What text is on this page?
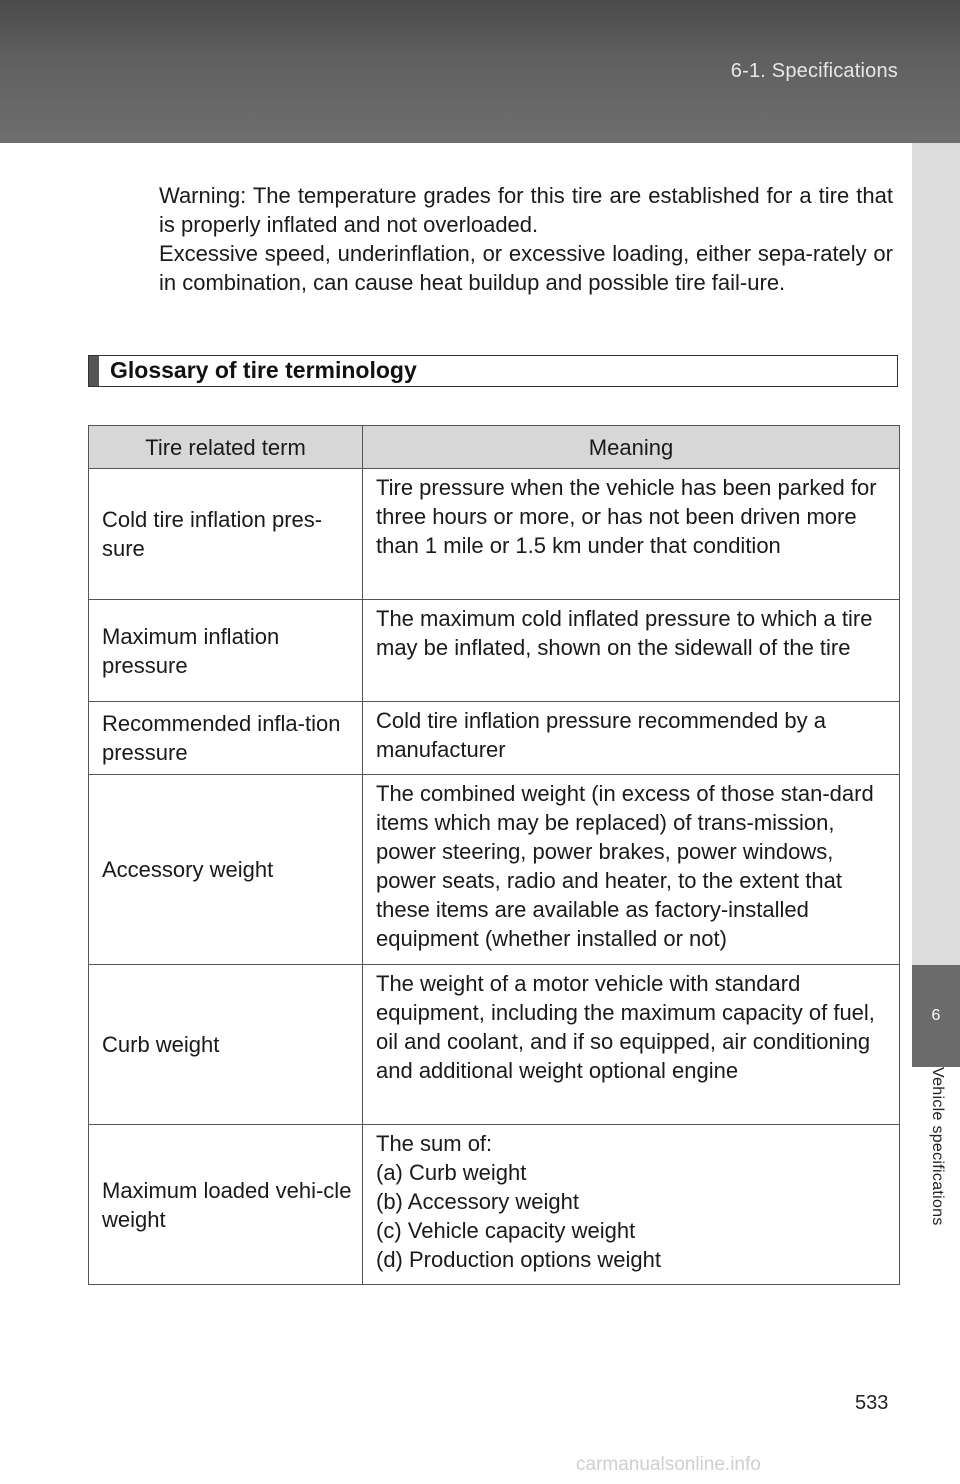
6-1. Specifications
6
Vehicle specifications

Warning: The temperature grades for this tire are established for a tire that is properly inflated and not overloaded.

Excessive speed, underinflation, or excessive loading, either sepa-rately or in combination, can cause heat buildup and possible tire fail-ure.

Glossary of tire terminology
Tire related term	Meaning
Cold tire inflation pres-sure	Tire pressure when the vehicle has been parked for three hours or more, or has not been driven more than 1 mile or 1.5 km under that condition
Maximum inflation pressure	The maximum cold inflated pressure to which a tire may be inflated, shown on the sidewall of the tire
Recommended infla-tion pressure	Cold tire inflation pressure recommended by a manufacturer
Accessory weight	The combined weight (in excess of those stan-dard items which may be replaced) of trans-mission, power steering, power brakes, power windows, power seats, radio and heater, to the extent that these items are available as factory-installed equipment (whether installed or not)
Curb weight	The weight of a motor vehicle with standard equipment, including the maximum capacity of fuel, oil and coolant, and if so equipped, air conditioning and additional weight optional engine
Maximum loaded vehi-cle weight	The sum of:
(a) Curb weight
(b) Accessory weight
(c) Vehicle capacity weight
(d) Production options weight
533
carmanualsonline.info
